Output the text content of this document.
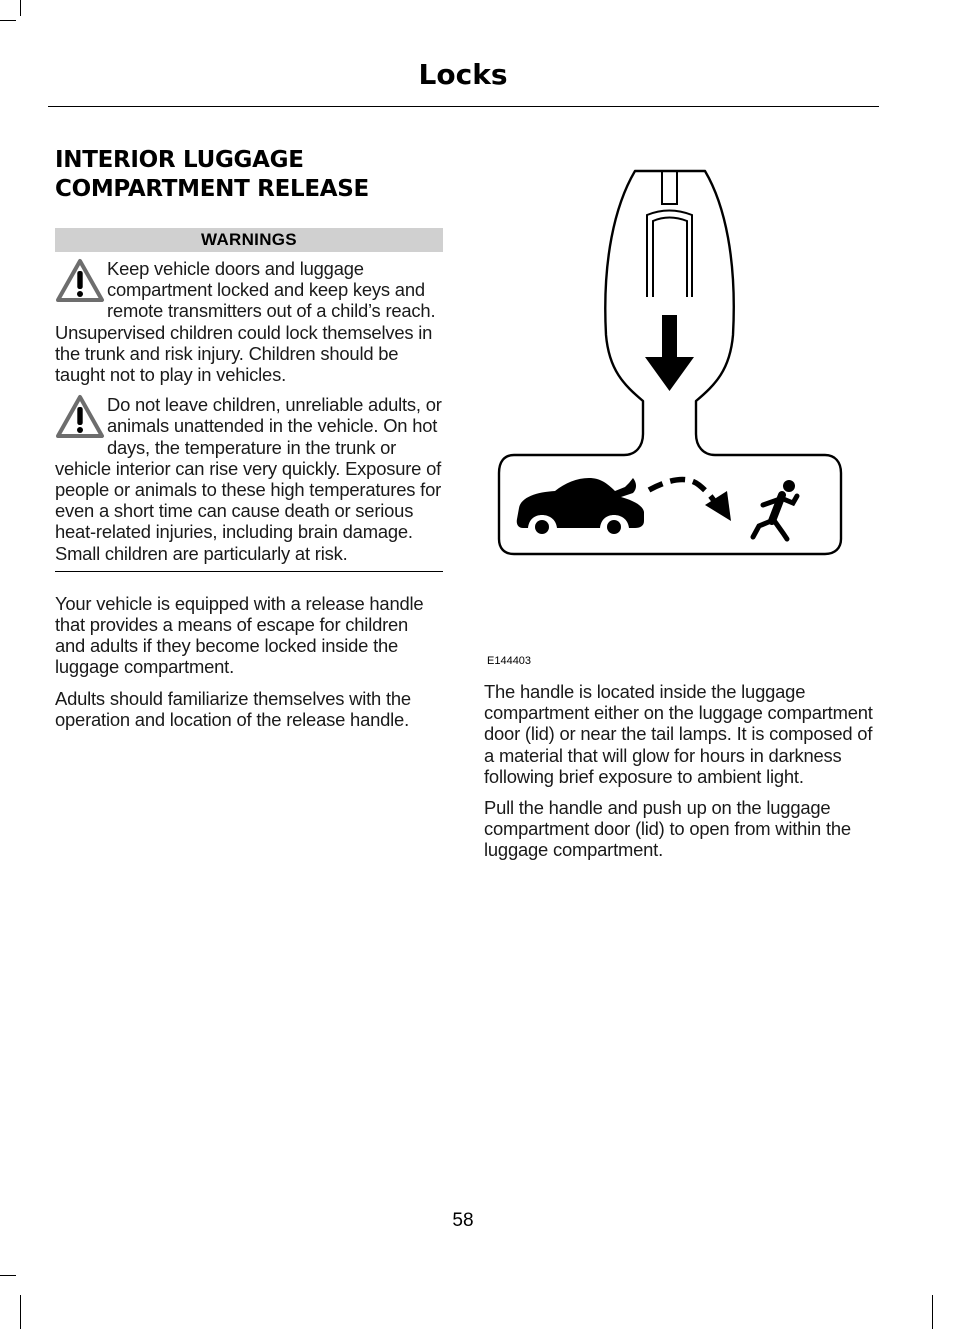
Locks
INTERIOR LUGGAGE COMPARTMENT RELEASE
WARNINGS
Keep vehicle doors and luggage compartment locked and keep keys and remote transmitters out of a child’s reach. Unsupervised children could lock themselves in the trunk and risk injury. Children should be taught not to play in vehicles.
Do not leave children, unreliable adults, or animals unattended in the vehicle. On hot days, the temperature in the trunk or vehicle interior can rise very quickly. Exposure of people or animals to these high temperatures for even a short time can cause death or serious heat-related injuries, including brain damage. Small children are particularly at risk.

Your vehicle is equipped with a release handle that provides a means of escape for children and adults if they become locked inside the luggage compartment.

Adults should familiarize themselves with the operation and location of the release handle.

E144403

The handle is located inside the luggage compartment either on the luggage compartment door (lid) or near the tail lamps. It is composed of a material that will glow for hours in darkness following brief exposure to ambient light.

Pull the handle and push up on the luggage compartment door (lid) to open from within the luggage compartment.

58
